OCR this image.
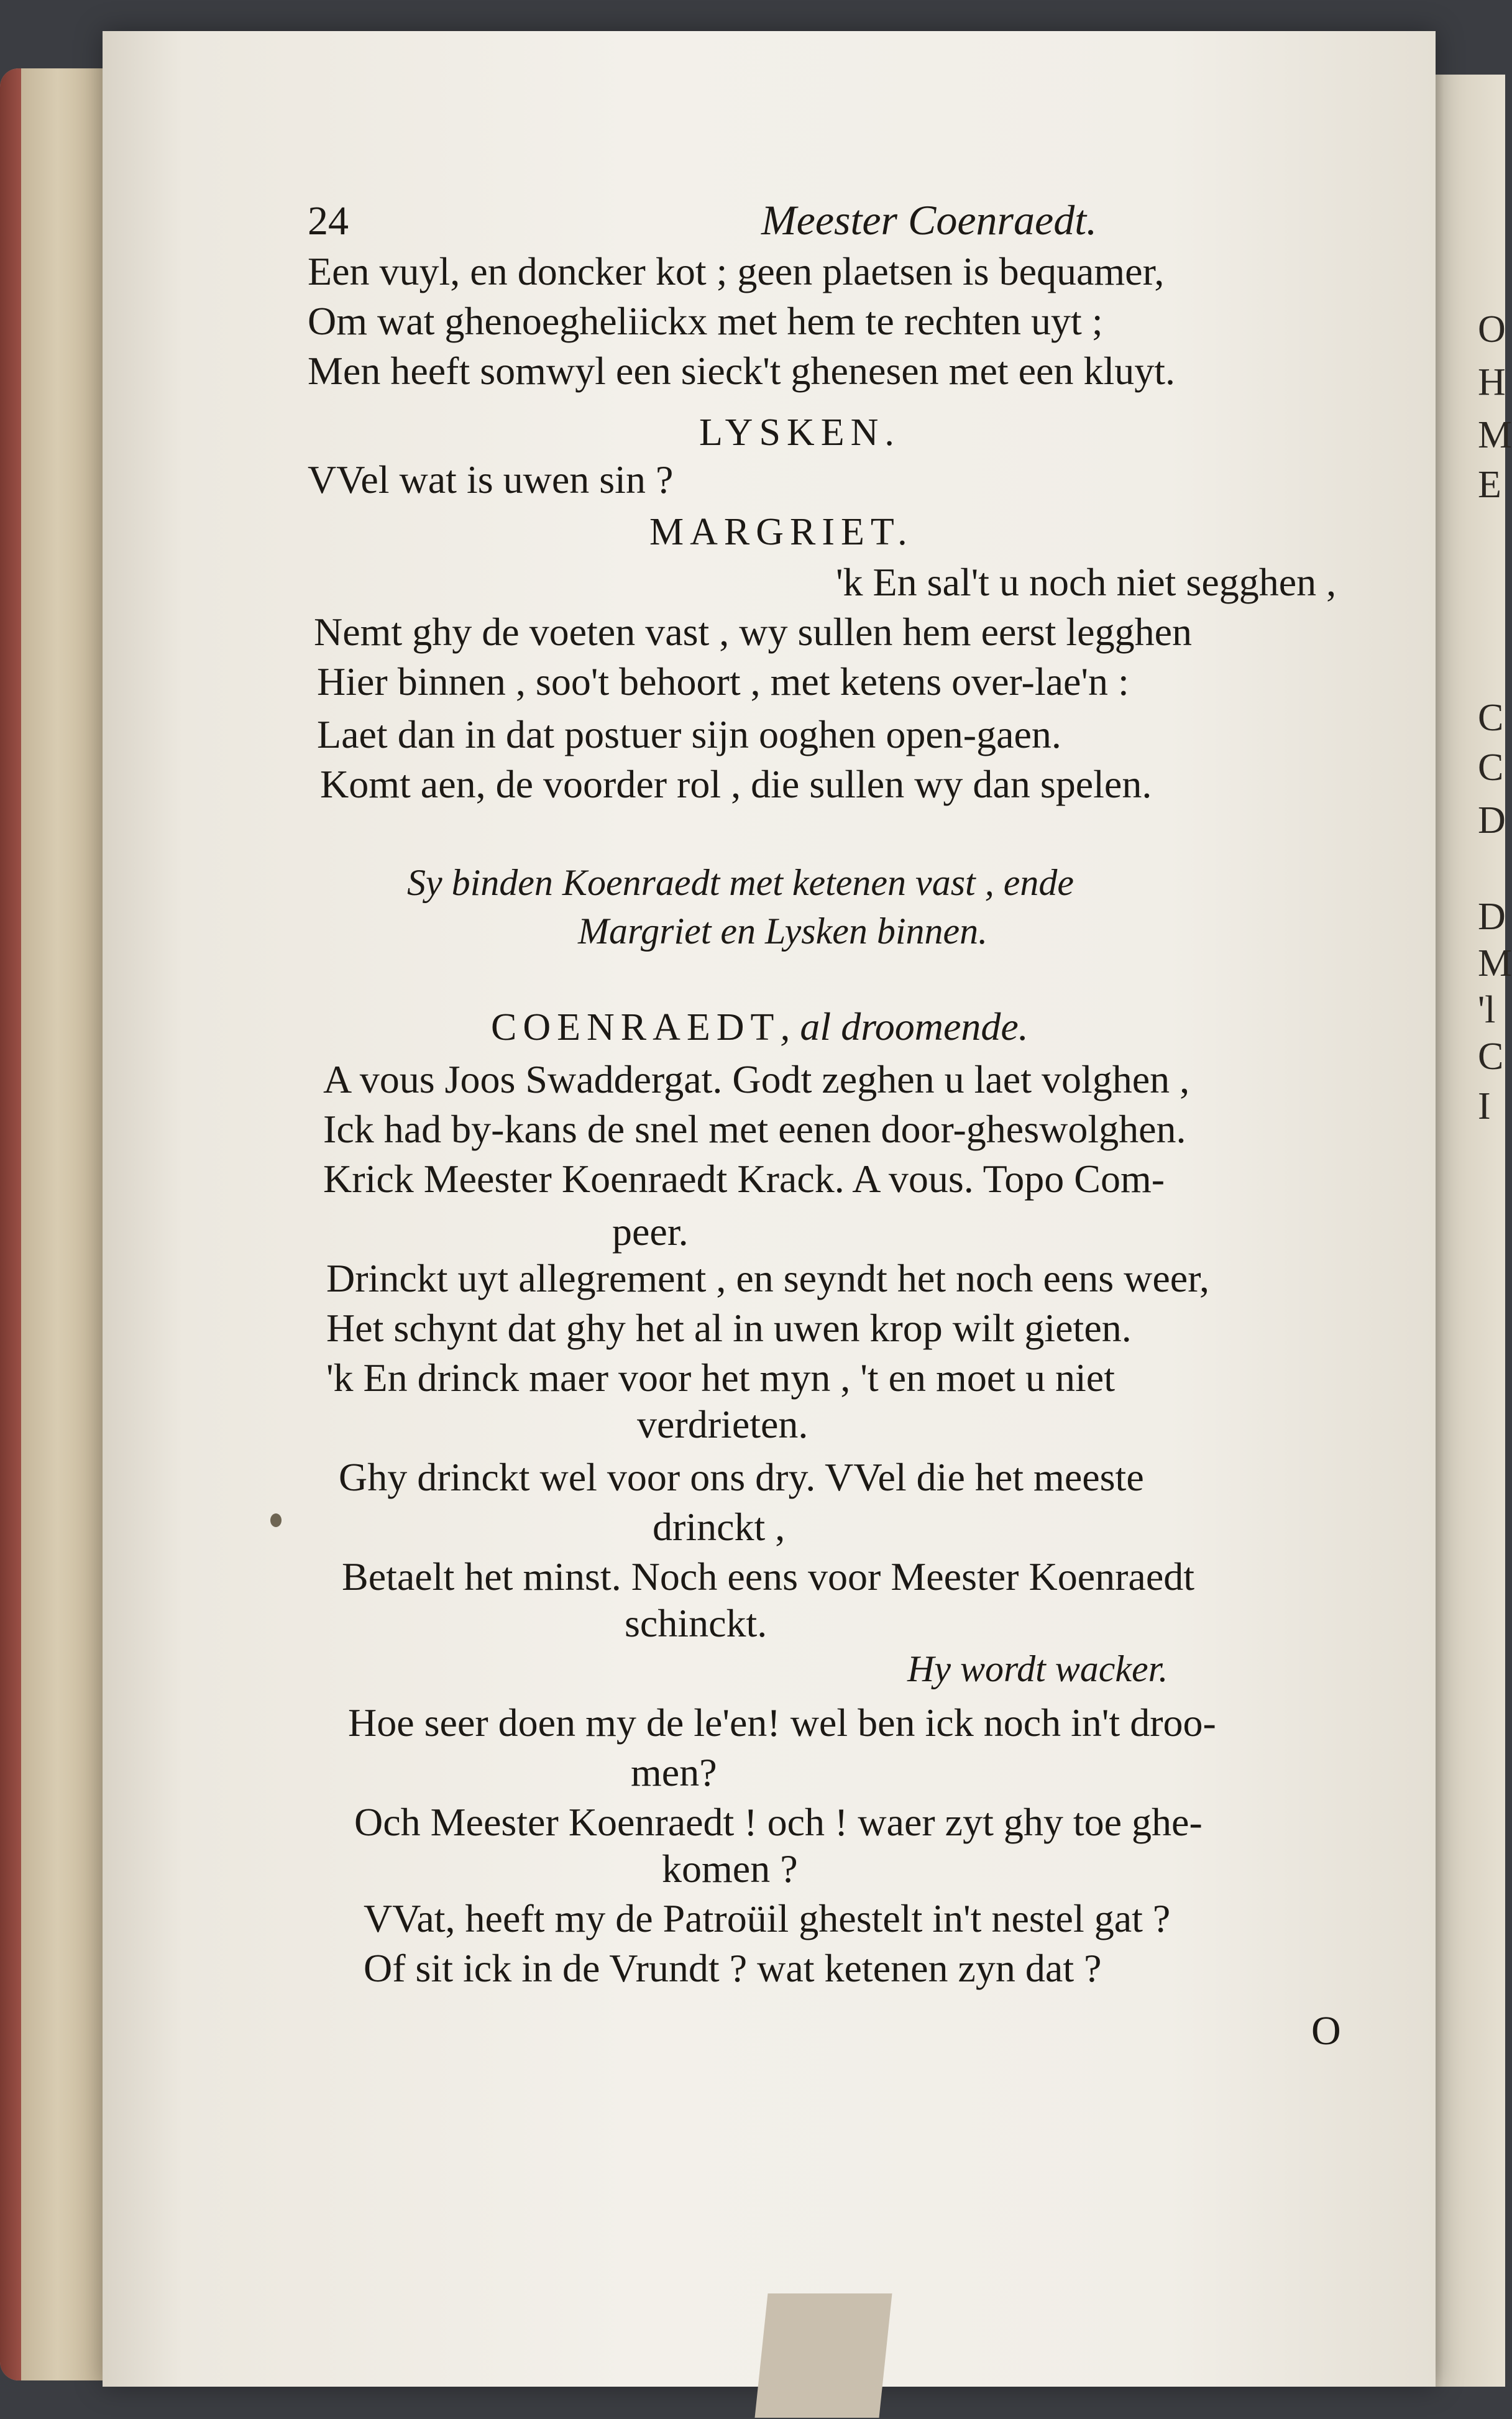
O
H
M
E
C
C
D
D
M
'l
C
I
24	Meester Coenraedt.
Een vuyl, en doncker kot ; geen plaetsen is bequamer,
Om wat ghenoegheliickx met hem te rechten uyt ;
Men heeft somwyl een sieck't ghenesen met een kluyt.
LYSKEN.
VVel wat is uwen sin ?
MARGRIET.
'k En sal't u noch niet segghen ,
Nemt ghy de voeten vast , wy sullen hem eerst legghen
Hier binnen , soo't behoort , met ketens over-lae'n :
Laet dan in dat postuer sijn ooghen open-gaen.
Komt aen, de voorder rol , die sullen wy dan spelen.
Sy binden Koenraedt met ketenen vast , ende
Margriet en Lysken binnen.
COENRAEDT, al droomende.
A vous Joos Swaddergat. Godt zeghen u laet volghen ,
Ick had by-kans de snel met eenen door-gheswolghen.
Krick Meester Koenraedt Krack. A vous. Topo Com-
peer.
Drinckt uyt allegrement , en seyndt het noch eens weer,
Het schynt dat ghy het al in uwen krop wilt gieten.
'k En drinck maer voor het myn , 't en moet u niet
verdrieten.
Ghy drinckt wel voor ons dry. VVel die het meeste
drinckt ,
Betaelt het minst. Noch eens voor Meester Koenraedt
schinckt.
Hy wordt wacker.
Hoe seer doen my de le'en! wel ben ick noch in't droo-
men?
Och Meester Koenraedt ! och ! waer zyt ghy toe ghe-
komen ?
VVat, heeft my de Patroüil ghestelt in't nestel gat ?
Of sit ick in de Vrundt ? wat ketenen zyn dat ?
O
